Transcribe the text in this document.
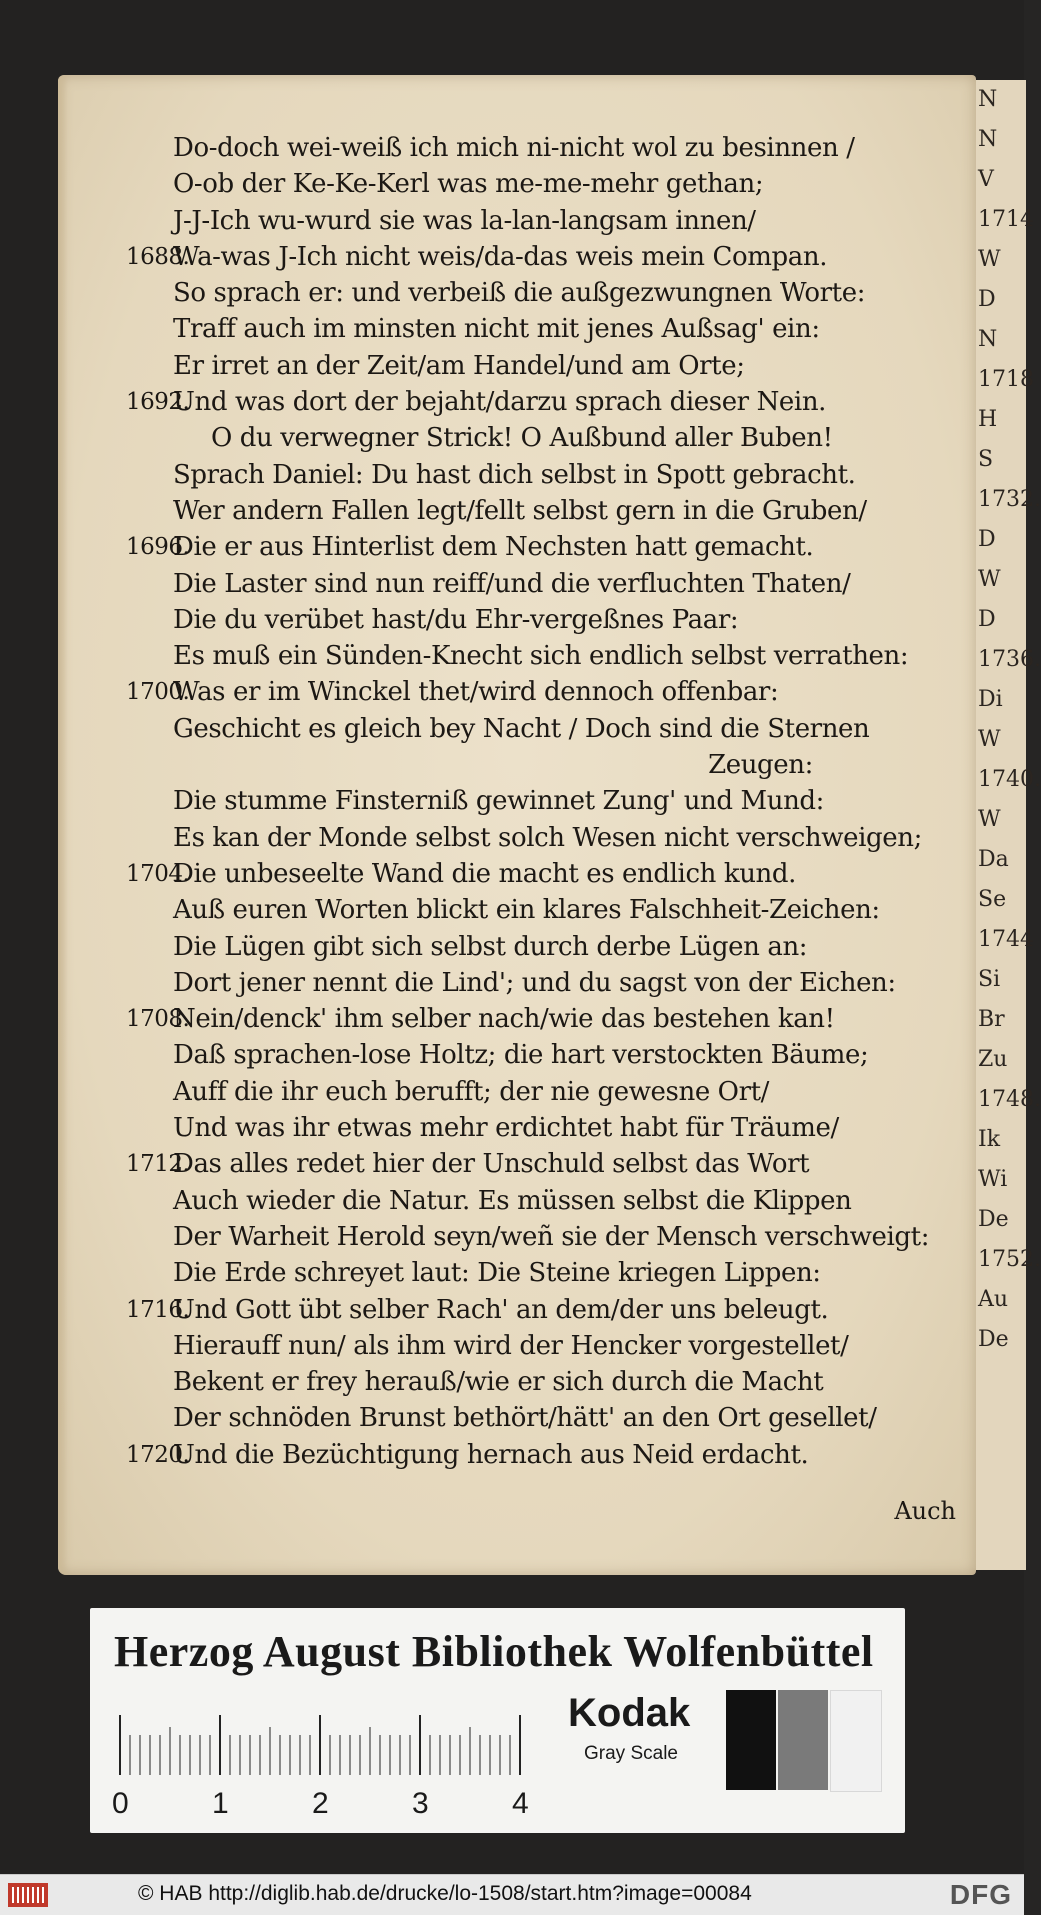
N
N
V
1714
W
D
N
1718
H
S
1732.
D
W
D
1736.
Di
W
1740.
W
Da
Se
1744
Si
Br
Zu
1748.
Ik
Wi
De
1752.
Au
De
Do‑doch wei‑weiß ich mich ni‑nicht wol zu besinnen /
O‑ob der Ke‑Ke‑Kerl was me‑me‑mehr gethan;
J‑J‑Ich wu‑wurd sie was la‑lan‑langsam innen/
1688.
Wa‑was J‑Ich nicht weis/da‑das weis mein Compan.
So sprach er: und verbeiß die außgezwungnen Worte:
Traff auch im minsten nicht mit jenes Außsag' ein:
Er irret an der Zeit/am Handel/und am Orte;
1692.
Und was dort der bejaht/darzu sprach dieser Nein.
O du verwegner Strick! O Außbund aller Buben!
Sprach Daniel: Du hast dich selbst in Spott gebracht.
Wer andern Fallen legt/fellt selbst gern in die Gruben/
1696.
Die er aus Hinterlist dem Nechsten hatt gemacht.
Die Laster sind nun reiff/und die verfluchten Thaten/
Die du verübet hast/du Ehr‑vergeßnes Paar:
Es muß ein Sünden‑Knecht sich endlich selbst verrathen:
1700.
Was er im Winckel thet/wird dennoch offenbar:
Geschicht es gleich bey Nacht / Doch sind die Sternen
Zeugen:
Die stumme Finsterniß gewinnet Zung' und Mund:
Es kan der Monde selbst solch Wesen nicht verschweigen;
1704.
Die unbeseelte Wand die macht es endlich kund.
Auß euren Worten blickt ein klares Falschheit‑Zeichen:
Die Lügen gibt sich selbst durch derbe Lügen an:
Dort jener nennt die Lind'; und du sagst von der Eichen:
1708.
Nein/denck' ihm selber nach/wie das bestehen kan!
Daß sprachen‑lose Holtz; die hart verstockten Bäume;
Auff die ihr euch berufft; der nie gewesne Ort/
Und was ihr etwas mehr erdichtet habt für Träume/
1712.
Das alles redet hier der Unschuld selbst das Wort
Auch wieder die Natur. Es müssen selbst die Klippen
Der Warheit Herold seyn/weñ sie der Mensch verschweigt:
Die Erde schreyet laut: Die Steine kriegen Lippen:
1716.
Und Gott übt selber Rach' an dem/der uns beleugt.
Hierauff nun/ als ihm wird der Hencker vorgestellet/
Bekent er frey herauß/wie er sich durch die Macht
Der schnöden Brunst bethört/hätt' an den Ort gesellet/
1720.
Und die Bezüchtigung hernach aus Neid erdacht.
Auch
Herzog August Bibliothek Wolfenbüttel
0	1	2	3	4
Kodak
Gray Scale
© HAB http://diglib.hab.de/drucke/lo-1508/start.htm?image=00084	DFG
